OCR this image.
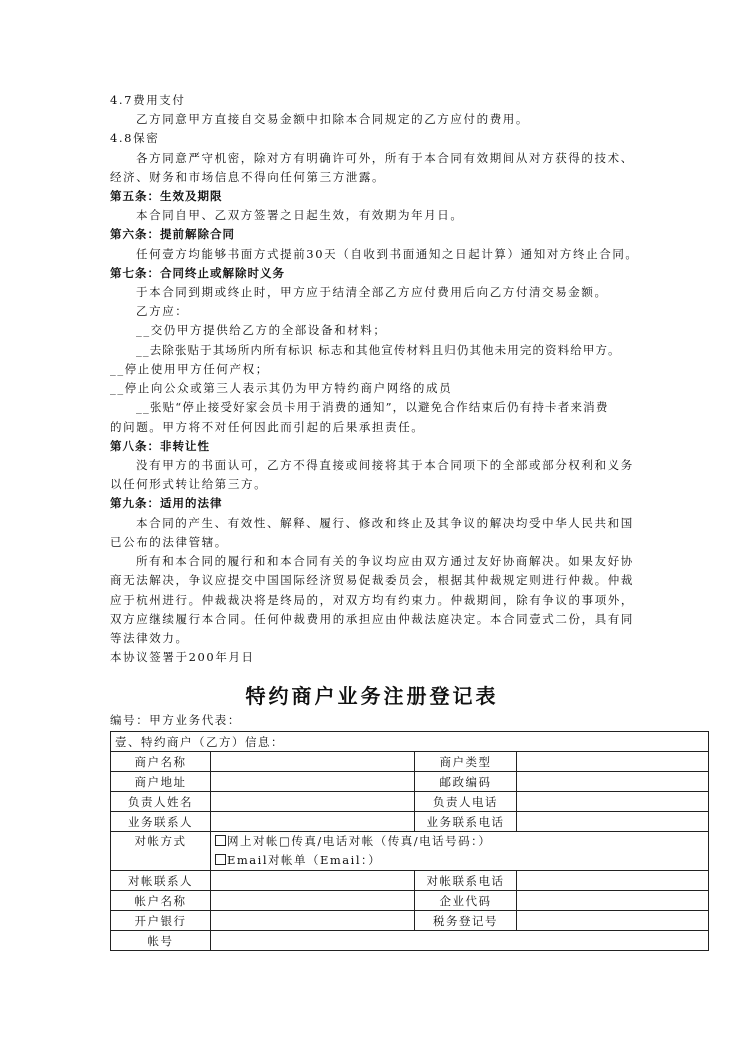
4.7费用支付
乙方同意甲方直接自交易金额中扣除本合同规定的乙方应付的费用。
4.8保密
各方同意严守机密，除对方有明确许可外，所有于本合同有效期间从对方获得的技术、
经济、财务和市场信息不得向任何第三方泄露。
第五条：生效及期限
本合同自甲、乙双方签署之日起生效，有效期为年月日。
第六条：提前解除合同
任何壹方均能够书面方式提前30天（自收到书面通知之日起计算）通知对方终止合同。
第七条：合同终止或解除时义务
于本合同到期或终止时，甲方应于结清全部乙方应付费用后向乙方付清交易金额。
乙方应：
__交仍甲方提供给乙方的全部设备和材料；
__去除张贴于其场所内所有标识 标志和其他宣传材料且归仍其他未用完的资料给甲方。
__停止使用甲方任何产权；
__停止向公众或第三人表示其仍为甲方特约商户网络的成员
__张贴“停止接受好家会员卡用于消费的通知”，以避免合作结束后仍有持卡者来消费
的问题。甲方将不对任何因此而引起的后果承担责任。
第八条：非转让性
没有甲方的书面认可，乙方不得直接或间接将其于本合同项下的全部或部分权利和义务
以任何形式转让给第三方。
第九条：适用的法律
本合同的产生、有效性、解释、履行、修改和终止及其争议的解决均受中华人民共和国
已公布的法律管辖。
所有和本合同的履行和和本合同有关的争议均应由双方通过友好协商解决。如果友好协
商无法解决，争议应提交中国国际经济贸易促裁委员会，根据其仲裁规定则进行仲裁。仲裁
应于杭州进行。仲裁裁决将是终局的，对双方均有约束力。仲裁期间，除有争议的事项外，
双方应继续履行本合同。任何仲裁费用的承担应由仲裁法庭决定。本合同壹式二份，具有同
等法律效力。
本协议签署于200年月日
特约商户业务注册登记表
编号：甲方业务代表：
壹、特约商户（乙方）信息：			
商户名称		商户类型	
商户地址		邮政编码	
负责人姓名		负责人电话	
业务联系人		业务联系电话	
对帐方式	网上对帐□传真/电话对帐（传真/电话号码：）
Email对帐单（Email：）		

对帐联系人		对帐联系电话	
帐户名称		企业代码	
开户银行		税务登记号	
帐号			
